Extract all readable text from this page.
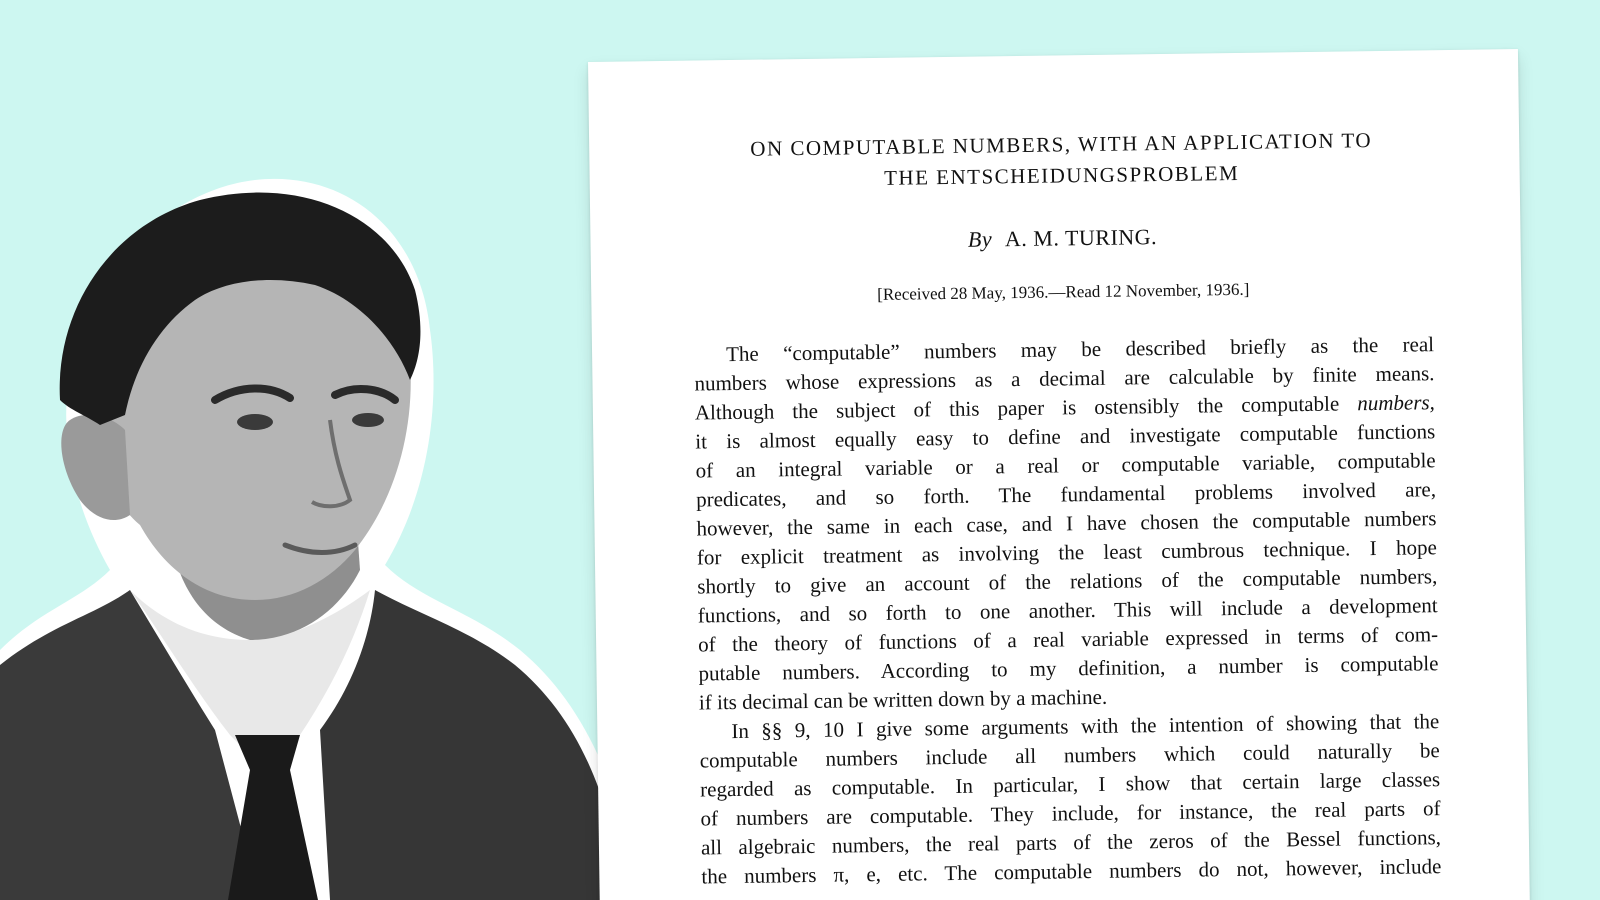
ON COMPUTABLE NUMBERS, WITH AN APPLICATION TO
THE ENTSCHEIDUNGSPROBLEM
By A. M. TURING.
[Received 28 May, 1936.—Read 12 November, 1936.]
The “computable” numbers may be described briefly as the real
numbers whose expressions as a decimal are calculable by finite means.
Although the subject of this paper is ostensibly the computable numbers,
it is almost equally easy to define and investigate computable functions
of an integral variable or a real or computable variable, computable
predicates, and so forth. The fundamental problems involved are,
however, the same in each case, and I have chosen the computable numbers
for explicit treatment as involving the least cumbrous technique. I hope
shortly to give an account of the relations of the computable numbers,
functions, and so forth to one another. This will include a development
of the theory of functions of a real variable expressed in terms of com-
putable numbers. According to my definition, a number is computable
if its decimal can be written down by a machine.
In §§ 9, 10 I give some arguments with the intention of showing that the
computable numbers include all numbers which could naturally be
regarded as computable. In particular, I show that certain large classes
of numbers are computable. They include, for instance, the real parts of
all algebraic numbers, the real parts of the zeros of the Bessel functions,
the numbers π, e, etc. The computable numbers do not, however, include
